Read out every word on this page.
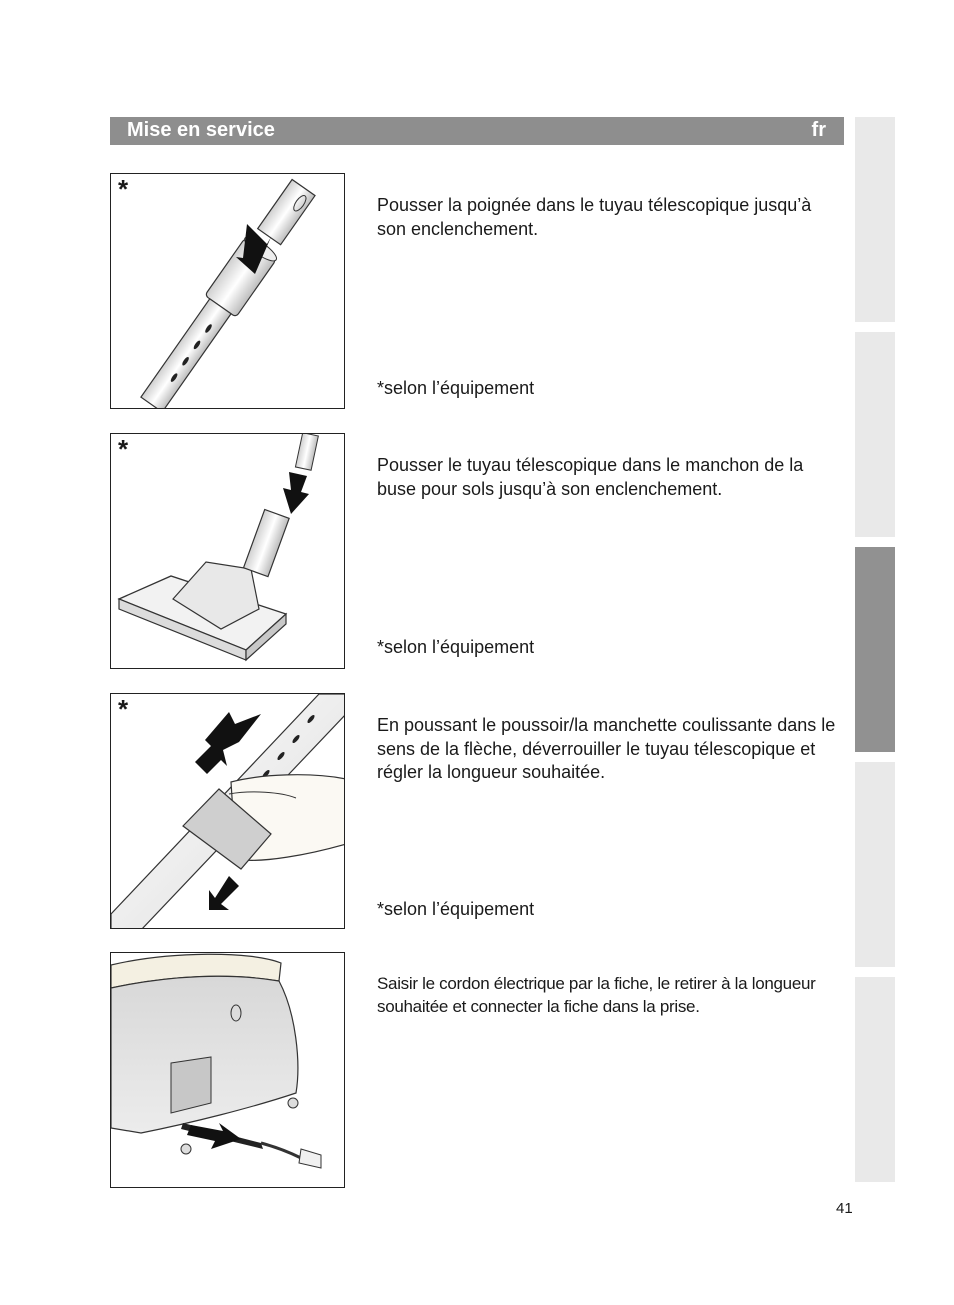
Mise en service	fr
*
Pousser la poignée dans le tuyau télescopique jusqu’à son enclenchement.
*selon l’équipement
*
Pousser le tuyau télescopique dans le manchon de la buse pour sols jusqu’à son enclenchement.
*selon l’équipement
*
En poussant le poussoir/la manchette coulissante dans le sens de la flèche, déverrouiller le tuyau télescopique et régler la longueur souhaitée.
*selon l’équipement
Saisir le cordon électrique par la fiche, le retirer à la longueur souhaitée et connecter la fiche dans la prise.
41
